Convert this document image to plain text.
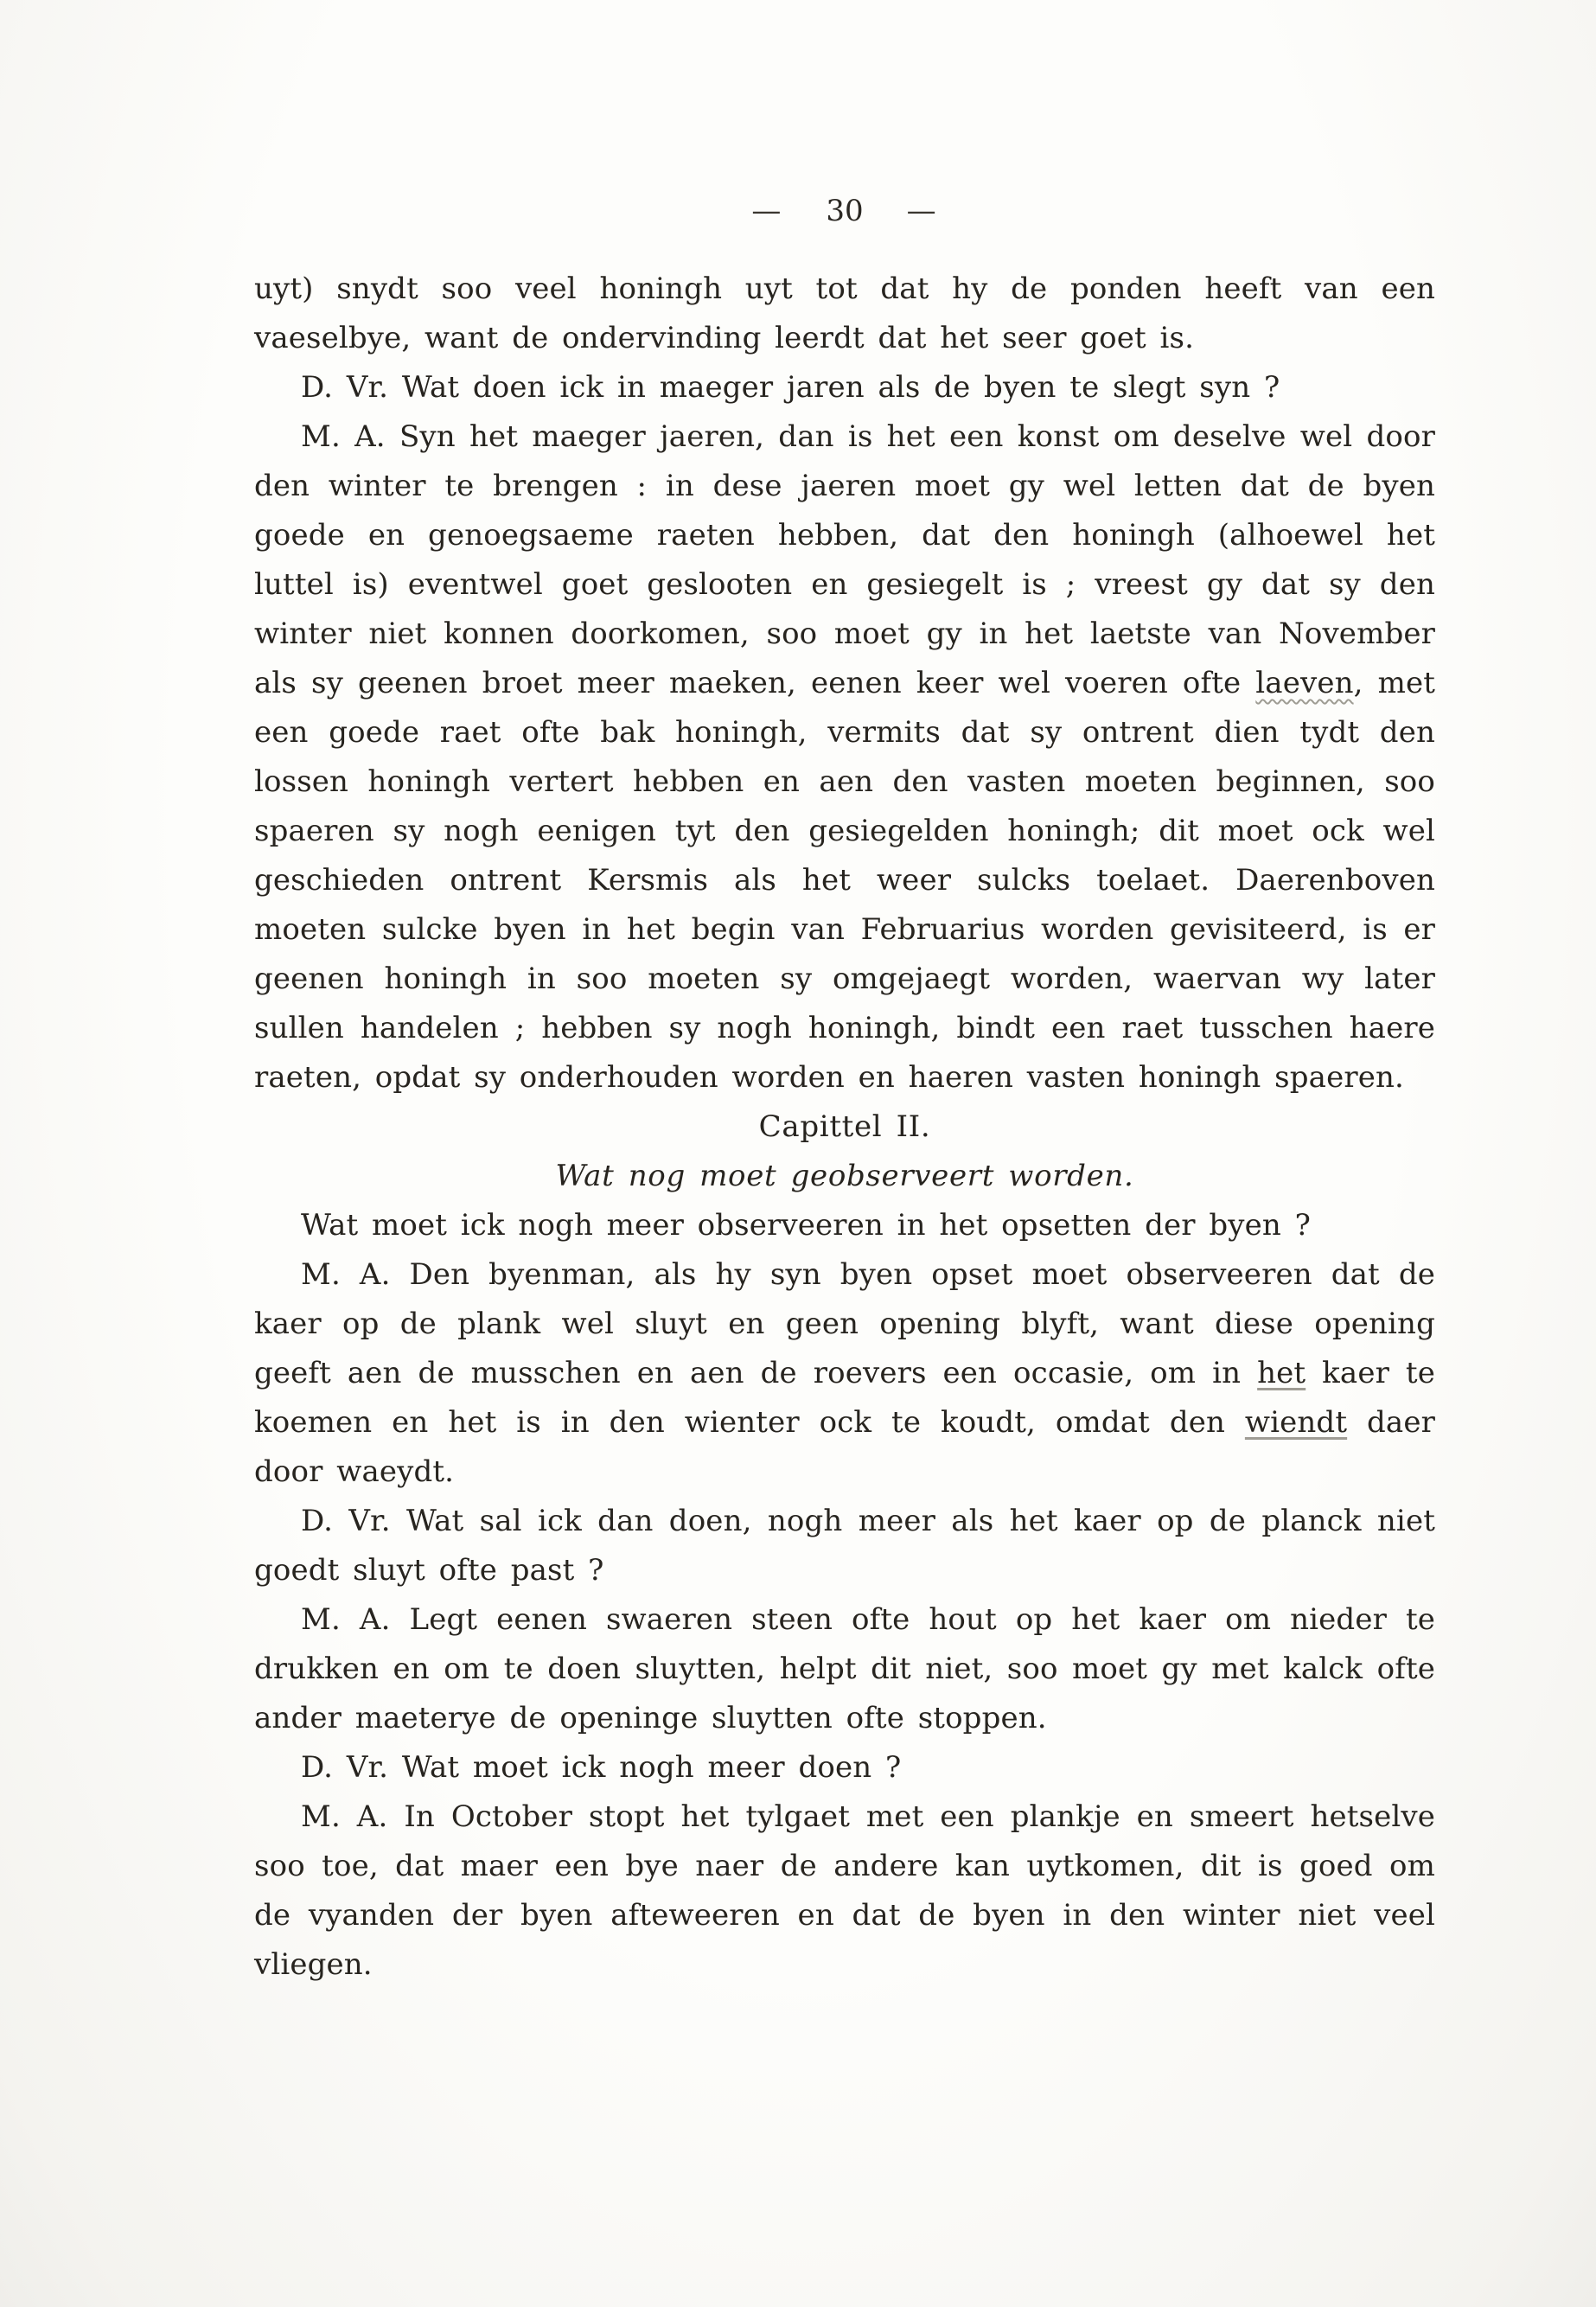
— 30 —

uyt) snydt soo veel honingh uyt tot dat hy de ponden heeft van een vaeselbye, want de ondervinding leerdt dat het seer goet is.

D. Vr. Wat doen ick in maeger jaren als de byen te slegt syn ?

M. A. Syn het maeger jaeren, dan is het een konst om deselve wel door den winter te brengen : in dese jaeren moet gy wel letten dat de byen goede en genoegsaeme raeten hebben, dat den honingh (alhoewel het luttel is) eventwel goet geslooten en gesiegelt is ; vreest gy dat sy den winter niet konnen doorkomen, soo moet gy in het laetste van November als sy geenen broet meer maeken, eenen keer wel voeren ofte laeven, met een goede raet ofte bak honingh, vermits dat sy ontrent dien tydt den lossen honingh vertert hebben en aen den vasten moeten beginnen, soo spaeren sy nogh eenigen tyt den gesiegelden honingh; dit moet ock wel geschieden ontrent Kersmis als het weer sulcks toelaet. Daerenboven moeten sulcke byen in het begin van Februarius worden gevisiteerd, is er geenen honingh in soo moeten sy omgejaegt worden, waervan wy later sullen handelen ; hebben sy nogh honingh, bindt een raet tusschen haere raeten, opdat sy onderhouden worden en haeren vasten honingh spaeren.

Capittel II.

Wat nog moet geobserveert worden.

Wat moet ick nogh meer observeeren in het opsetten der byen ?

M. A. Den byenman, als hy syn byen opset moet observeeren dat de kaer op de plank wel sluyt en geen opening blyft, want diese opening geeft aen de musschen en aen de roevers een occasie, om in het kaer te koemen en het is in den wienter ock te koudt, omdat den wiendt daer door waeydt.

D. Vr. Wat sal ick dan doen, nogh meer als het kaer op de planck niet goedt sluyt ofte past ?

M. A. Legt eenen swaeren steen ofte hout op het kaer om nieder te drukken en om te doen sluytten, helpt dit niet, soo moet gy met kalck ofte ander maeterye de openinge sluytten ofte stoppen.

D. Vr. Wat moet ick nogh meer doen ?

M. A. In October stopt het tylgaet met een plankje en smeert hetselve soo toe, dat maer een bye naer de andere kan uytkomen, dit is goed om de vyanden der byen afteweeren en dat de byen in den winter niet veel vliegen.
